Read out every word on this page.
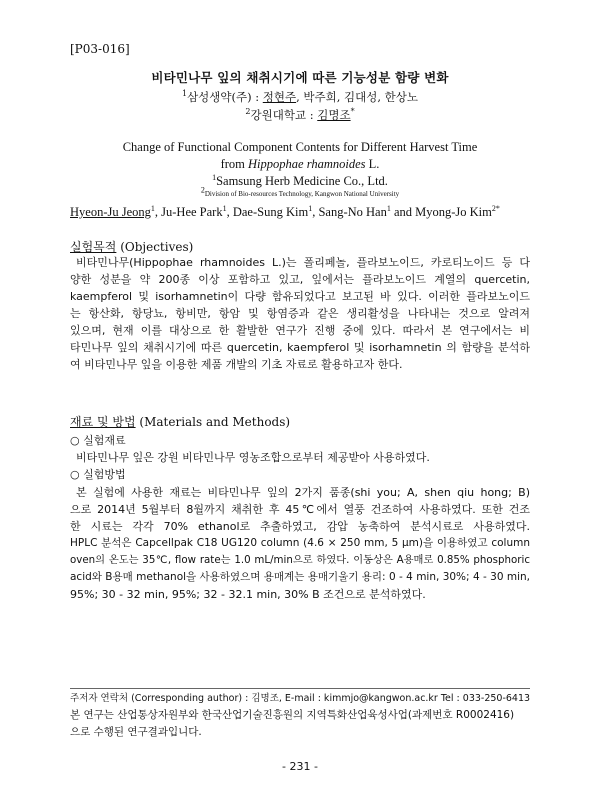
[P03-016]
비타민나무 잎의 채취시기에 따른 기능성분 함량 변화
$^1$삼성생약(주) : 정현주, 박주희, 김대성, 한상노
$^2$강원대학교 : 김명조*
Change of Functional Component Contents for Different Harvest Time
from Hippophae rhamnoides L.
$^1$Samsung Herb Medicine Co., Ltd.
$^2$Division of Bio-resources Technology, Kangwon National University
Hyeon-Ju Jeong$^1$, Ju-Hee Park$^1$, Dae-Sung Kim$^1$, Sang-No Han$^1$ and Myong-Jo Kim$^{2*}$
실험목적 (Objectives)
비타민나무(Hippophae rhamnoides L.)는 폴리페놀, 플라보노이드, 카로티노이드 등 다
양한 성분을 약 200종 이상 포함하고 있고, 잎에서는 플라보노이드 계열의 quercetin,
kaempferol 및 isorhamnetin이 다량 함유되었다고 보고된 바 있다. 이러한 플라보노이드
는 항산화, 항당뇨, 항비만, 항암 및 항염증과 같은 생리활성을 나타내는 것으로 알려져
있으며, 현재 이를 대상으로 한 활발한 연구가 진행 중에 있다. 따라서 본 연구에서는 비
타민나무 잎의 채취시기에 따른 quercetin, kaempferol 및 isorhamnetin 의 함량을 분석하
여 비타민나무 잎을 이용한 제품 개발의 기초 자료로 활용하고자 한다.
재료 및 방법 (Materials and Methods)
○ 실험재료
비타민나무 잎은 강원 비타민나무 영농조합으로부터 제공받아 사용하였다.
○ 실험방법
본 실험에 사용한 재료는 비타민나무 잎의 2가지 품종(shi you; A, shen qiu hong; B)
으로 2014년 5월부터 8월까지 채취한 후 45℃에서 열풍 건조하여 사용하였다. 또한 건조
한 시료는 각각 70% ethanol로 추출하였고, 감압 농축하여 분석시료로 사용하였다.
HPLC 분석은 Capcellpak C18 UG120 column (4.6 × 250 mm, 5 μm)을 이용하였고 column
oven의 온도는 35℃, flow rate는 1.0 mL/min으로 하였다. 이동상은 A용매로 0.85% phosphoric
acid와 B용매 methanol을 사용하였으며 용매계는 용매기울기 용리: 0 - 4 min, 30%; 4 - 30 min,
95%; 30 - 32 min, 95%; 32 - 32.1 min, 30% B 조건으로 분석하였다.
주저자 연락처 (Corresponding author) : 김명조, E-mail : kimmjo@kangwon.ac.kr Tel : 033-250-6413
본 연구는 산업통상자원부와 한국산업기술진흥원의 지역특화산업육성사업(과제번호 R0002416)
으로 수행된 연구결과입니다.
- 231 -
